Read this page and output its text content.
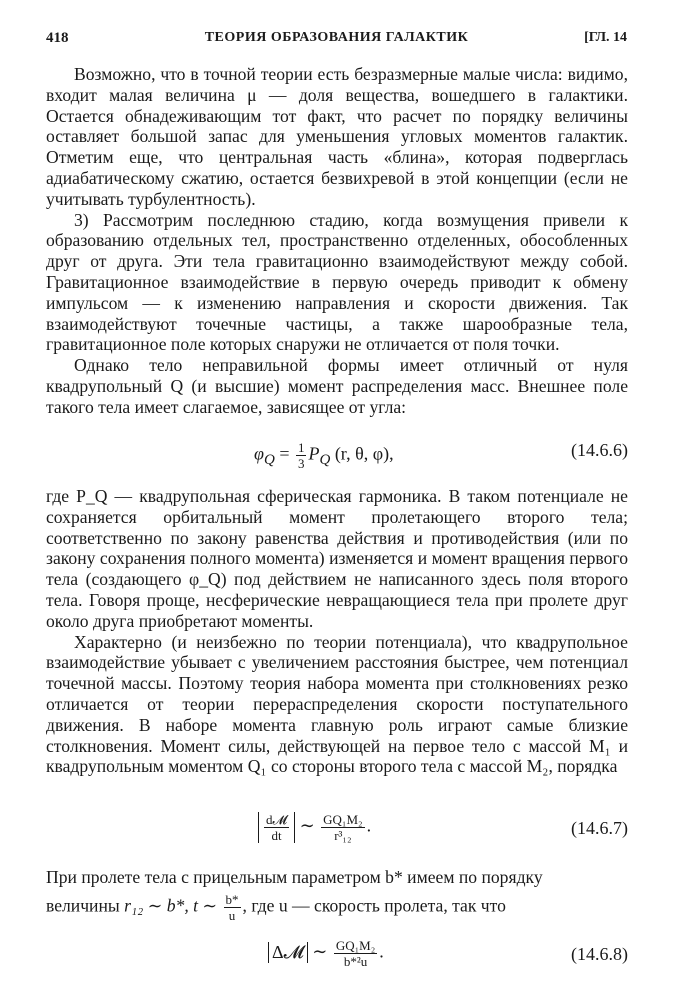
418	ТЕОРИЯ ОБРАЗОВАНИЯ ГАЛАКТИК	[ГЛ. 14

Возможно, что в точной теории есть безразмерные малые числа: видимо, входит малая величина μ — доля вещества, вошедшего в галактики. Остается обнадеживающим тот факт, что расчет по порядку величины оставляет большой запас для уменьшения угловых моментов галактик. Отметим еще, что центральная часть «блина», которая подверглась адиабатическому сжатию, остается безвихревой в этой концепции (если не учитывать турбулентность).

3) Рассмотрим последнюю стадию, когда возмущения привели к образованию отдельных тел, пространственно отделенных, обособленных друг от друга. Эти тела гравитационно взаимодействуют между собой. Гравитационное взаимодействие в первую очередь приводит к обмену импульсом — к изменению направления и скорости движения. Так взаимодействуют точечные частицы, а также шарообразные тела, гравитационное поле которых снаружи не отличается от поля точки.

Однако тело неправильной формы имеет отличный от нуля квадрупольный Q (и высшие) момент распределения масс. Внешнее поле такого тела имеет слагаемое, зависящее от угла:

$\varphi_Q = \frac{1}{3} P_Q$ (r, θ, φ),	(14.6.6)

где P_Q — квадрупольная сферическая гармоника. В таком потенциале не сохраняется орбитальный момент пролетающего второго тела; соответственно по закону равенства действия и противодействия (или по закону сохранения полного момента) изменяется и момент вращения первого тела (создающего φ_Q) под действием не написанного здесь поля второго тела. Говоря проще, несферические невращающиеся тела при пролете друг около друга приобретают моменты.

Характерно (и неизбежно по теории потенциала), что квадрупольное взаимодействие убывает с увеличением расстояния быстрее, чем потенциал точечной массы. Поэтому теория набора момента при столкновениях резко отличается от теории перераспределения скорости поступательного движения. В наборе момента главную роль играют самые близкие столкновения. Момент силы, действующей на первое тело с массой M₁ и квадрупольным моментом Q₁ со стороны второго тела с массой M₂, порядка

$\frac{\text{d𝓜}}{dt}$ ∼ $\frac{\text{GQ₁M₂}}{\text{r³₁₂}}$ .	(14.6.7)
При пролете тела с прицельным параметром b* имеем по порядку
величины r₁₂ ∼ b*, t ∼ $\frac{b*}{u}$ , где u — скорость пролета, так что
Δ𝓜 ∼ $\frac{\text{GQ₁M₂}}{\text{b*²u}}$ .	(14.6.8)
